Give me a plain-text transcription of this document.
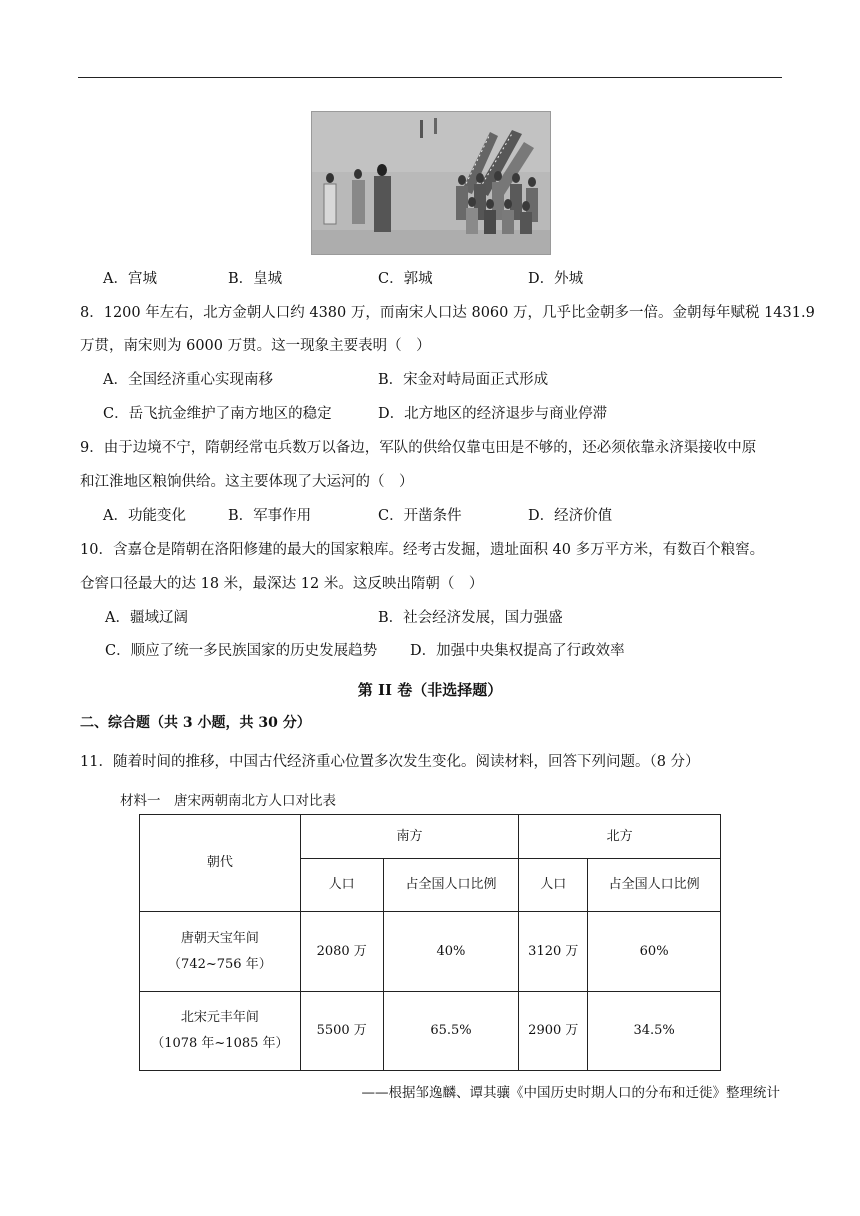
A．宫城	B．皇城	C．郭城	D．外城
8．1200 年左右，北方金朝人口约 4380 万，而南宋人口达 8060 万，几乎比金朝多一倍。金朝每年赋税 1431.9
万贯，南宋则为 6000 万贯。这一现象主要表明（　）
A．全国经济重心实现南移	B．宋金对峙局面正式形成
C．岳飞抗金维护了南方地区的稳定	D．北方地区的经济退步与商业停滞
9．由于边境不宁，隋朝经常屯兵数万以备边，军队的供给仅靠屯田是不够的，还必须依靠永济渠接收中原
和江淮地区粮饷供给。这主要体现了大运河的（　）
A．功能变化	B．军事作用	C．开凿条件	D．经济价值
10．含嘉仓是隋朝在洛阳修建的最大的国家粮库。经考古发掘，遗址面积 40 多万平方米，有数百个粮窖。
仓窖口径最大的达 18 米，最深达 12 米。这反映出隋朝（　）
A．疆域辽阔	B．社会经济发展，国力强盛
C．顺应了统一多民族国家的历史发展趋势 D．加强中央集权提高了行政效率
第 II 卷（非选择题）
二、综合题（共 3 小题，共 30 分）
11．随着时间的推移，中国古代经济重心位置多次发生变化。阅读材料，回答下列问题。（8 分）
材料一　唐宋两朝南北方人口对比表
朝代	南方		北方	
	人口	占全国人口比例	人口	占全国人口比例

唐朝天宝年间
（742~756 年）	2080 万	40%	3120 万	60%

北宋元丰年间
（1078 年~1085 年）	5500 万	65.5%	2900 万	34.5%
——根据邹逸麟、谭其骧《中国历史时期人口的分布和迁徙》整理统计
